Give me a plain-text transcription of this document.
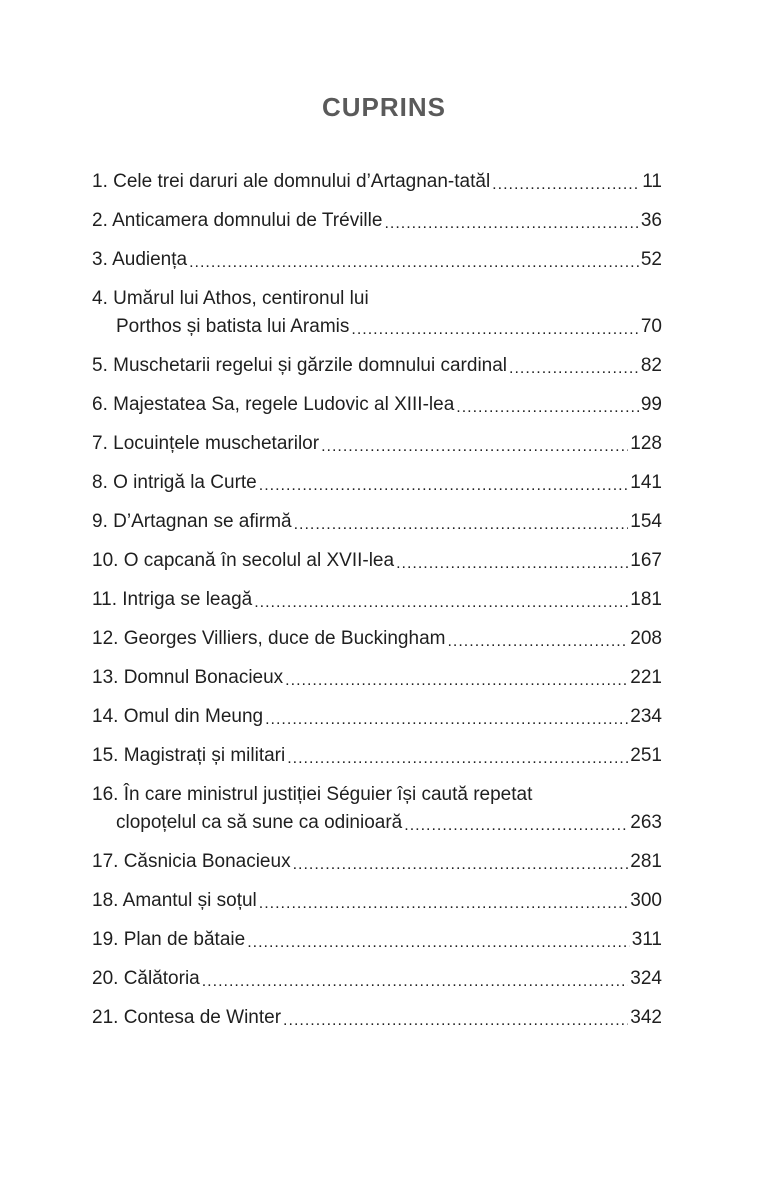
CUPRINS
1. Cele trei daruri ale domnului d’Artagnan-tatăl .....	11
2. Anticamera domnului de Tréville .....	36
3. Audiența .....	52
4. Umărul lui Athos, centironul lui
Porthos și batista lui Aramis .....	70
5. Muschetarii regelui și gărzile domnului cardinal .....	82
6. Majestatea Sa, regele Ludovic al XIII-lea .....	99
7. Locuințele muschetarilor .....	128
8. O intrigă la Curte .....	141
9. D’Artagnan se afirmă .....	154
10. O capcană în secolul al XVII-lea .....	167
11. Intriga se leagă .....	181
12. Georges Villiers, duce de Buckingham .....	208
13. Domnul Bonacieux .....	221
14. Omul din Meung .....	234
15. Magistrați și militari .....	251
16. În care ministrul justiției Séguier își caută repetat
clopoțelul ca să sune ca odinioară .....	263
17. Căsnicia Bonacieux .....	281
18. Amantul și soțul .....	300
19. Plan de bătaie .....	311
20. Călătoria .....	324
21. Contesa de Winter .....	342
